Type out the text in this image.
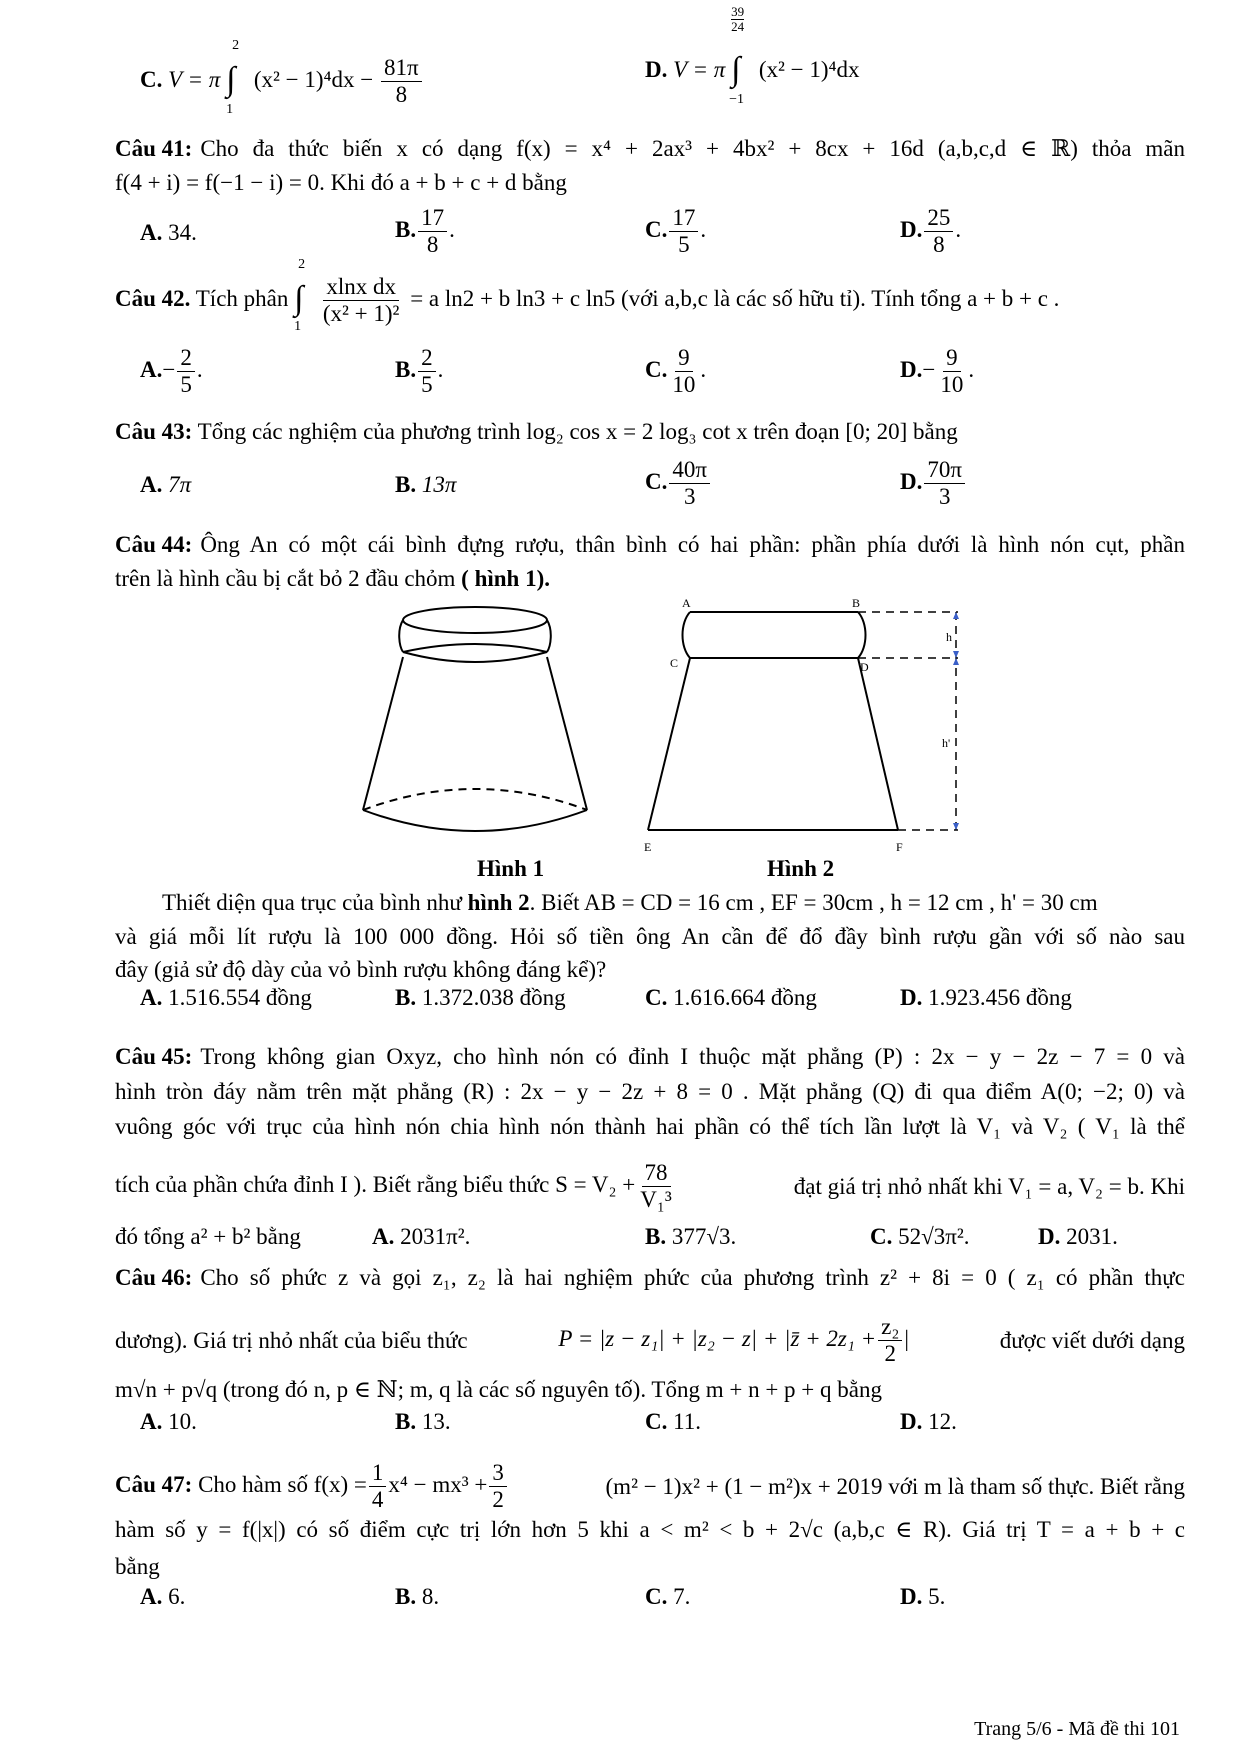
C. V = π
2
∫
1
$(x^2 - 1)^4dx - \frac{81\pi}{8}$	D. V = π
39
24
∫
−1
(x² − 1)⁴dx
Câu 41: Cho đa thức biến x có dạng f(x) = x⁴ + 2ax³ + 4bx² + 8cx + 16d (a,b,c,d ∈ ℝ) thỏa mãn
f(4 + i) = f(−1 − i) = 0. Khi đó a + b + c + d bằng
A. 34.	B. $\frac{17}{8}$ .	C. $\frac{17}{5}$ .	D. $\frac{25}{8}$ .
Câu 42. Tích phân
2
∫
1
$\frac{\text{xlnx dx}}{\text{(x² + 1)²}} = a$ ln2 + b ln3 + c ln5 (với a,b,c là các số hữu tỉ). Tính tổng a + b + c .
$A.- \frac{2}{5}$ .	B. $\frac{2}{5}$ .	C. $\frac{9}{10}$ .	$D.- \frac{9}{10}$ .
Câu 43: Tổng các nghiệm của phương trình log₂ cos x = 2 log₃ cot x trên đoạn [0; 20] bằng
A. 7π	B. 13π	C. $\frac{40\pi}{3}$	D. $\frac{70\pi}{3}$
Câu 44: Ông An có một cái bình đựng rượu, thân bình có hai phần: phần phía dưới là hình nón cụt, phần
trên là hình cầu bị cắt bỏ 2 đầu chỏm ( hình 1).
A	B
C	D
E	F
h
h'
Hình 1	Hình 2
Thiết diện qua trục của bình như hình 2. Biết AB = CD = 16 cm , EF = 30cm , h = 12 cm , h' = 30 cm
và giá mỗi lít rượu là 100 000 đồng. Hỏi số tiền ông An cần để đổ đầy bình rượu gần với số nào sau
đây (giả sử độ dày của vỏ bình rượu không đáng kể)?
A. 1.516.554 đồng	B. 1.372.038 đồng	C. 1.616.664 đồng	D. 1.923.456 đồng
Câu 45: Trong không gian Oxyz, cho hình nón có đỉnh I thuộc mặt phẳng (P) : 2x − y − 2z − 7 = 0 và
hình tròn đáy nằm trên mặt phẳng (R) : 2x − y − 2z + 8 = 0 . Mặt phẳng (Q) đi qua điểm A(0; −2; 0) và
vuông góc với trục của hình nón chia hình nón thành hai phần có thể tích lần lượt là V₁ và V₂ ( V₁ là thể
tích của phần chứa đỉnh I ). Biết rằng biểu thức $S = V_2 + \frac{78}{\text{V₁³}}$	đạt giá trị nhỏ nhất khi V₁ = a, V₂ = b. Khi
đó tổng a² + b² bằng	A. 2031π².	B. 377√3.	C. 52√3π².	D. 2031.
Câu 46: Cho số phức z và gọi z₁, z₂ là hai nghiệm phức của phương trình z² + 8i = 0 ( z₁ có phần thực
dương). Giá trị nhỏ nhất của biểu thức	P = |z − z₁| + |z₂ − z| + |z̄ + $2z_1 + \frac{\text{z₂}}{2}$ |	được viết dưới dạng
m√n + p√q (trong đó n, p ∈ ℕ; m, q là các số nguyên tố). Tổng m + n + p + q bằng
A. 10.	B. 13.	C. 11.	D. 12.
Câu 47: Cho hàm số $f(x) = \frac{1}{4} x^4 - mx^3 + \frac{3}{2}$	(m² − 1)x² + (1 − m²)x + 2019 với m là tham số thực. Biết rằng
hàm số y = f(|x|) có số điểm cực trị lớn hơn 5 khi a < m² < b + 2√c (a,b,c ∈ R). Giá trị T = a + b + c
bằng
A. 6.	B. 8.	C. 7.	D. 5.
Trang 5/6 - Mã đề thi 101
